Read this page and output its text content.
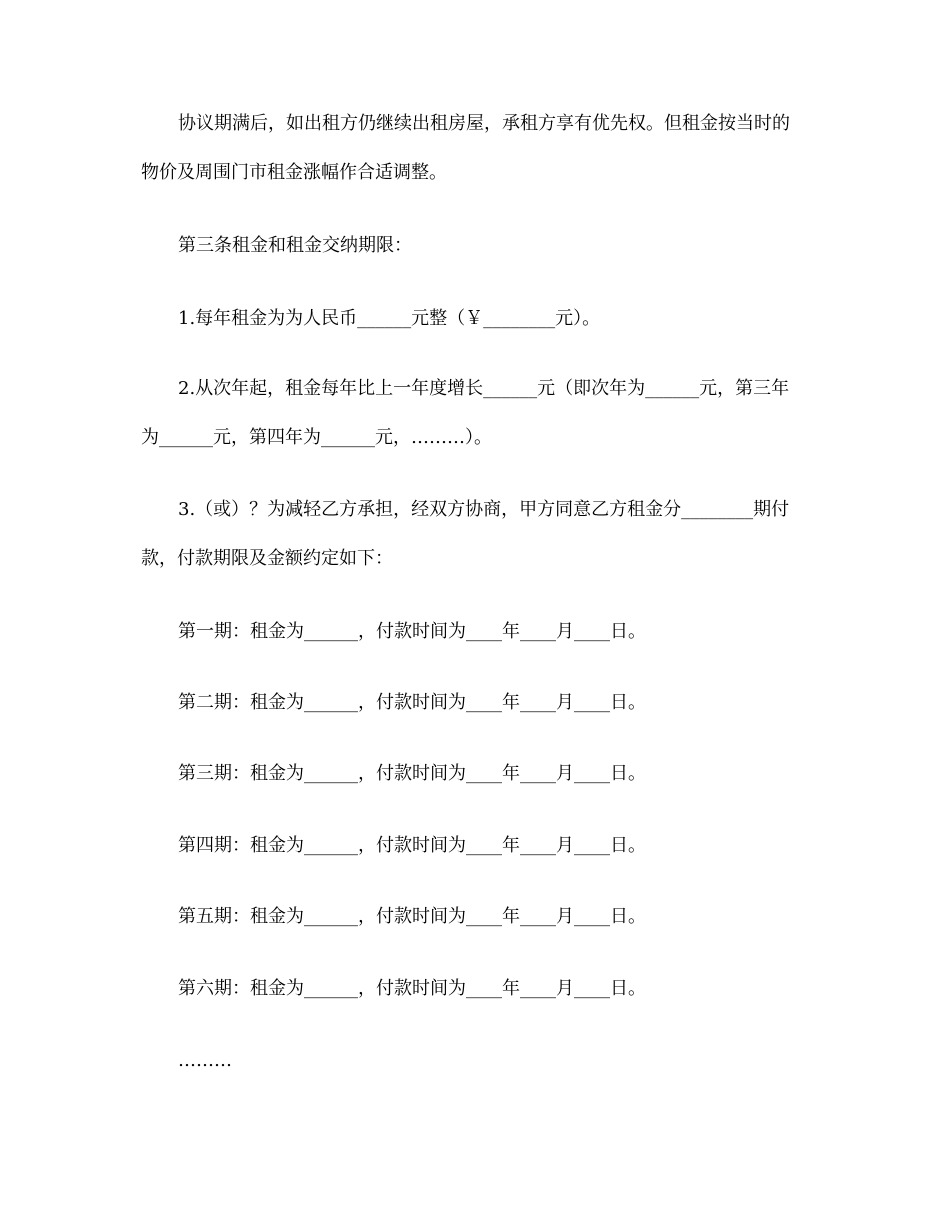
协议期满后，如出租方仍继续出租房屋，承租方享有优先权。但租金按当时的
物价及周围门市租金涨幅作合适调整。
第三条租金和租金交纳期限：
1.每年租金为为人民币______元整（￥________元）。
2.从次年起，租金每年比上一年度增长______元（即次年为______元，第三年
为______元，第四年为______元，………）。
3.（或）？为减轻乙方承担，经双方协商，甲方同意乙方租金分________期付
款，付款期限及金额约定如下：
第一期：租金为______，付款时间为____年____月____日。
第二期：租金为______，付款时间为____年____月____日。
第三期：租金为______，付款时间为____年____月____日。
第四期：租金为______，付款时间为____年____月____日。
第五期：租金为______，付款时间为____年____月____日。
第六期：租金为______，付款时间为____年____月____日。
………
